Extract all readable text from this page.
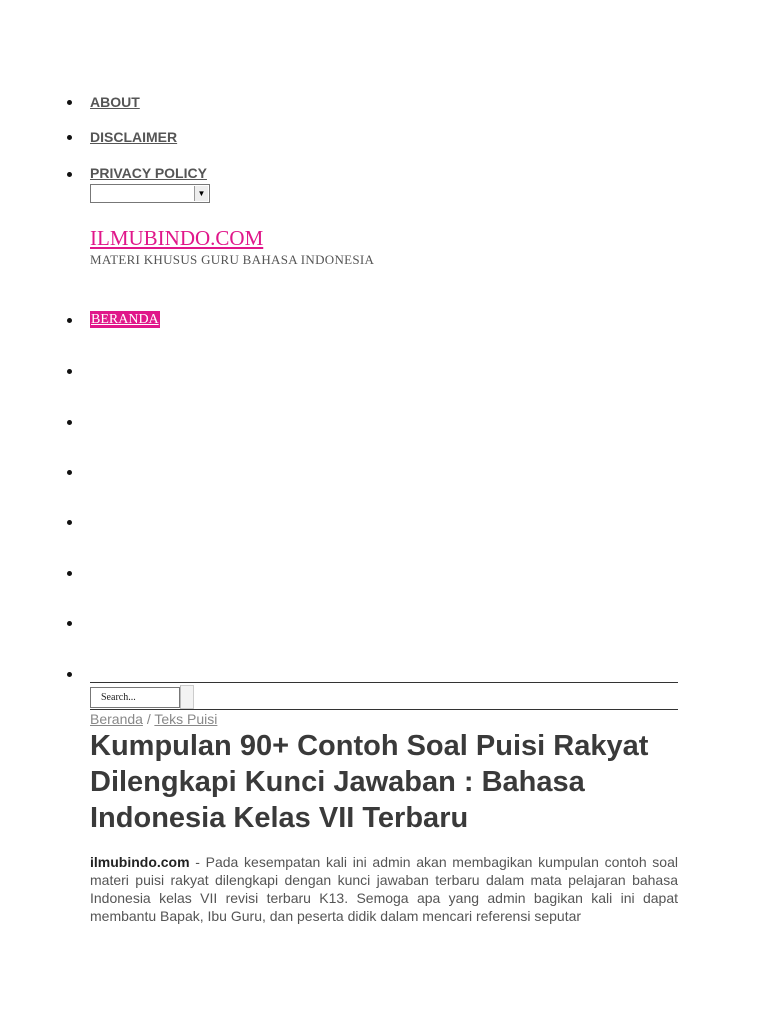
ABOUT
DISCLAIMER
PRIVACY POLICY
▼
ILMUBINDO.COM
MATERI KHUSUS GURU BAHASA INDONESIA
BERANDA
Search...
Beranda / Teks Puisi
Kumpulan 90+ Contoh Soal Puisi Rakyat Dilengkapi Kunci Jawaban : Bahasa Indonesia Kelas VII Terbaru

ilmubindo.com - Pada kesempatan kali ini admin akan membagikan kumpulan contoh soal materi puisi rakyat dilengkapi dengan kunci jawaban terbaru dalam mata pelajaran bahasa Indonesia kelas VII revisi terbaru K13. Semoga apa yang admin bagikan kali ini dapat membantu Bapak, Ibu Guru, dan peserta didik dalam mencari referensi seputar
